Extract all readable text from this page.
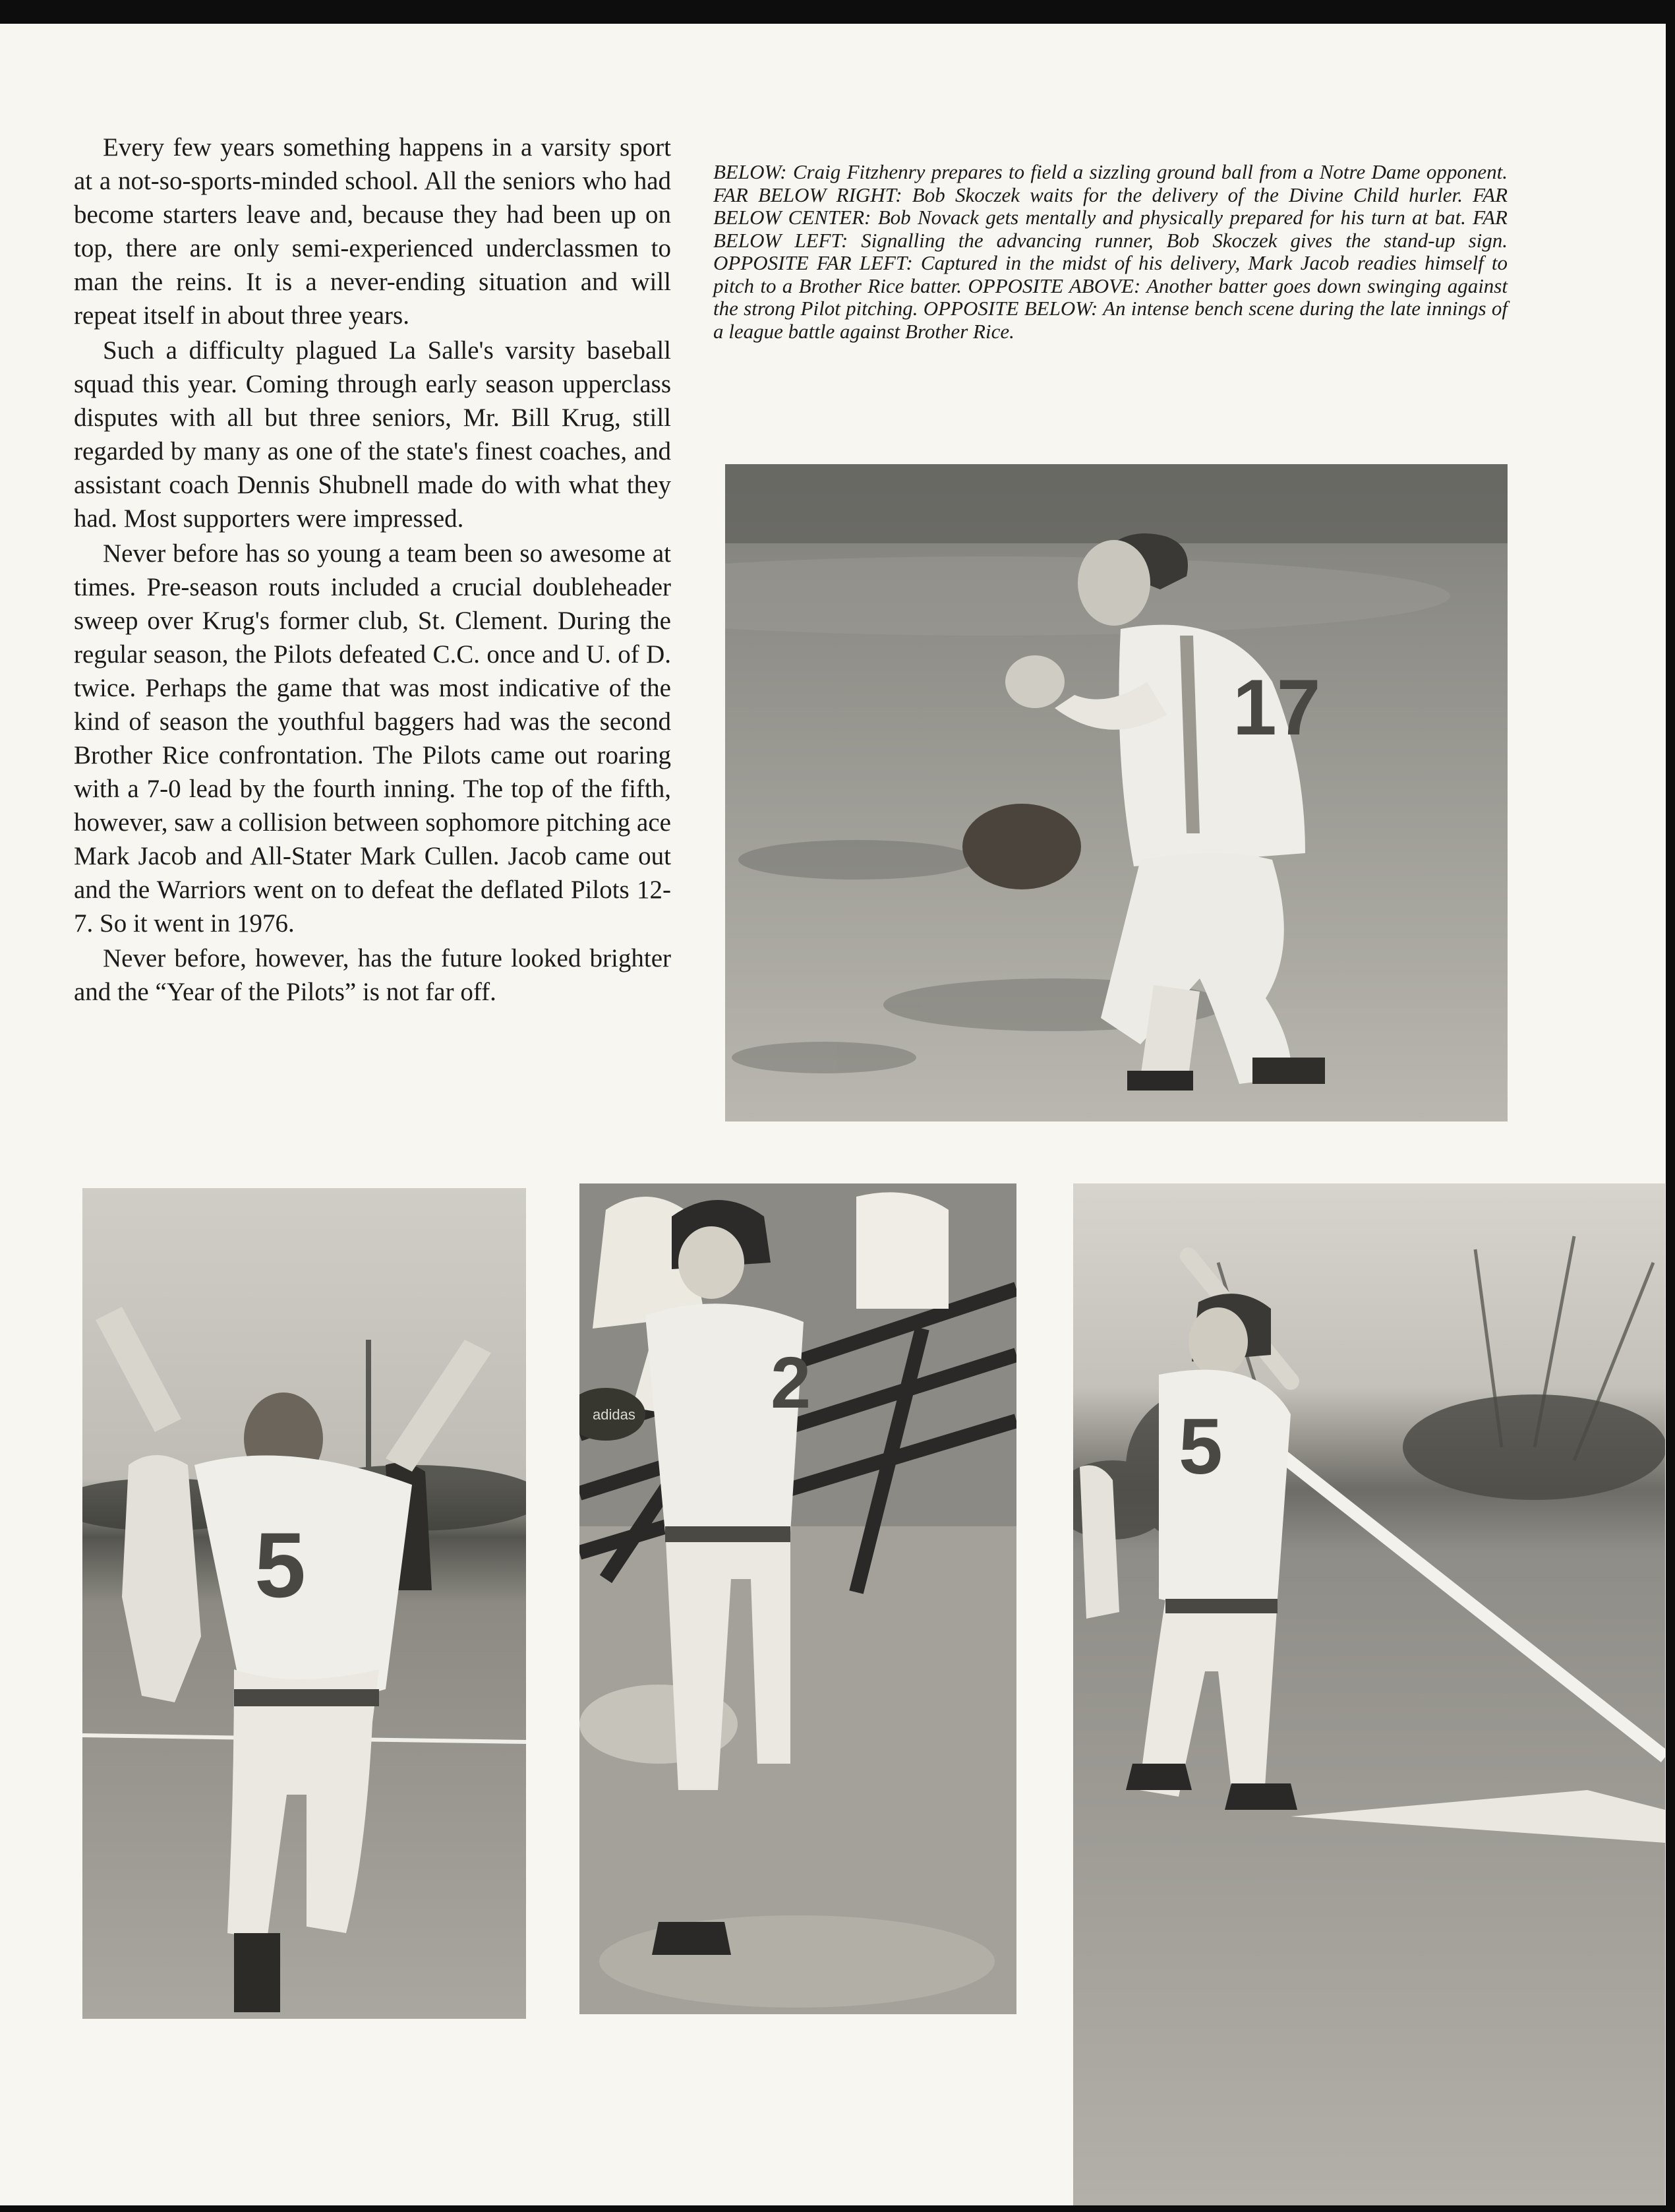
Every few years something happens in a varsity sport at a not-so-sports-minded school. All the seniors who had become starters leave and, because they had been up on top, there are only semi-experienced underclassmen to man the reins. It is a never-ending situation and will repeat itself in about three years.

Such a difficulty plagued La Salle's varsity baseball squad this year. Coming through early season upperclass disputes with all but three seniors, Mr. Bill Krug, still regarded by many as one of the state's finest coaches, and assistant coach Dennis Shubnell made do with what they had. Most supporters were impressed.

Never before has so young a team been so awesome at times. Pre-season routs included a crucial doubleheader sweep over Krug's former club, St. Clement. During the regular season, the Pilots defeated C.C. once and U. of D. twice. Perhaps the game that was most indicative of the kind of season the youthful baggers had was the second Brother Rice confrontation. The Pilots came out roaring with a 7-0 lead by the fourth inning. The top of the fifth, however, saw a collision between sophomore pitching ace Mark Jacob and All-Stater Mark Cullen. Jacob came out and the Warriors went on to defeat the deflated Pilots 12-7. So it went in 1976.

Never before, however, has the future looked brighter and the “Year of the Pilots” is not far off.

BELOW: Craig Fitzhenry prepares to field a sizzling ground ball from a Notre Dame opponent. FAR BELOW RIGHT: Bob Skoczek waits for the delivery of the Divine Child hurler. FAR BELOW CENTER: Bob Novack gets mentally and physically prepared for his turn at bat. FAR BELOW LEFT: Signalling the advancing runner, Bob Skoczek gives the stand-up sign. OPPOSITE FAR LEFT: Captured in the midst of his delivery, Mark Jacob readies himself to pitch to a Brother Rice batter. OPPOSITE ABOVE: Another batter goes down swinging against the strong Pilot pitching. OPPOSITE BELOW: An intense bench scene during the late innings of a league battle against Brother Rice.
17
5
adidas 2
5
